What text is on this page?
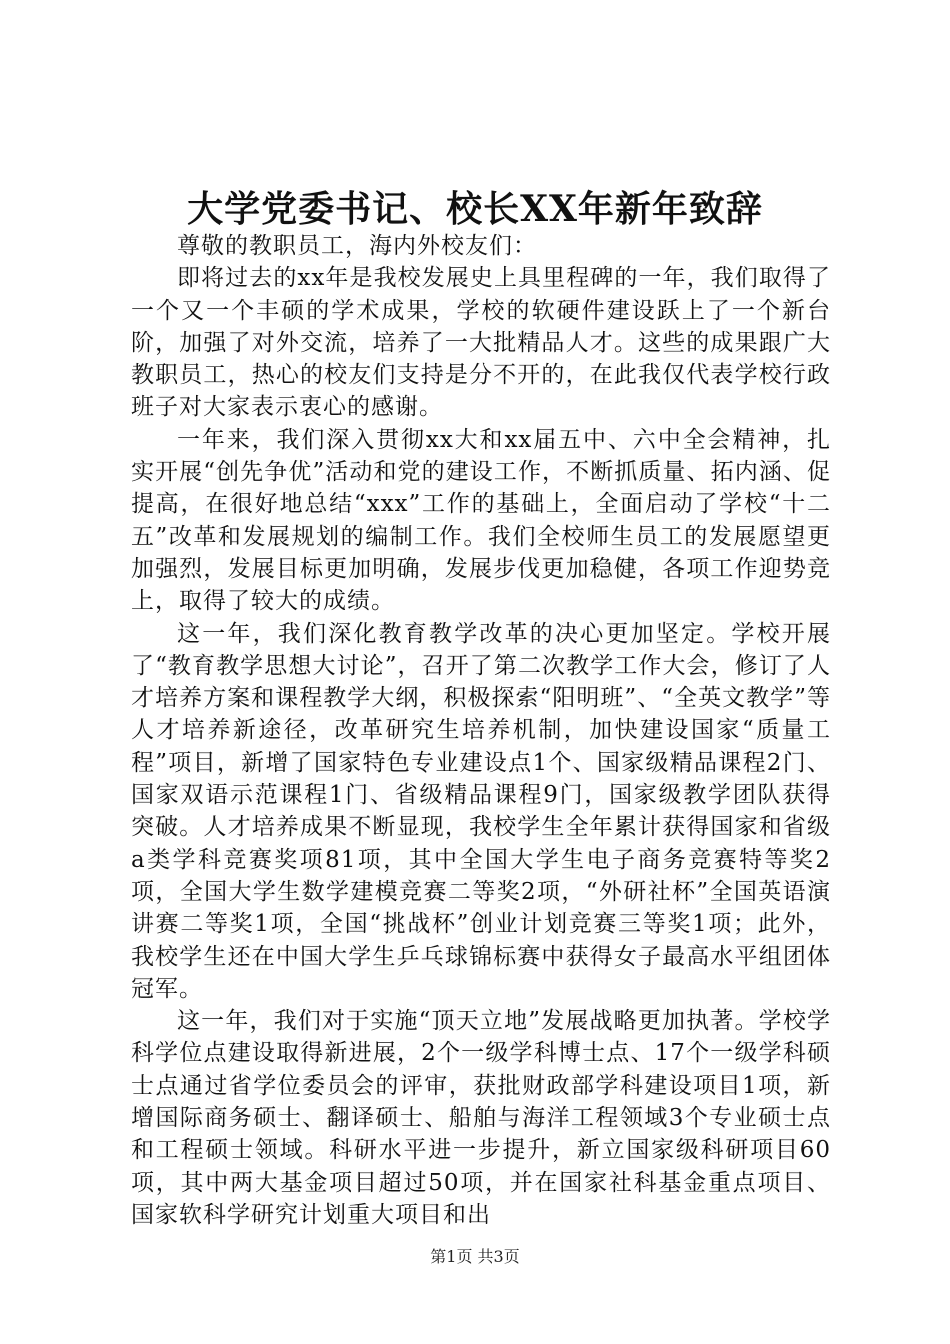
大学党委书记、校长XX年新年致辞

尊敬的教职员工，海内外校友们：

即将过去的xx年是我校发展史上具里程碑的一年，我们取得了一个又一个丰硕的学术成果，学校的软硬件建设跃上了一个新台阶，加强了对外交流，培养了一大批精品人才。这些的成果跟广大教职员工，热心的校友们支持是分不开的，在此我仅代表学校行政班子对大家表示衷心的感谢。

一年来，我们深入贯彻xx大和xx届五中、六中全会精神，扎实开展“创先争优”活动和党的建设工作，不断抓质量、拓内涵、促提高，在很好地总结“xxx”工作的基础上，全面启动了学校“十二五”改革和发展规划的编制工作。我们全校师生员工的发展愿望更加强烈，发展目标更加明确，发展步伐更加稳健，各项工作迎势竞上，取得了较大的成绩。

这一年，我们深化教育教学改革的决心更加坚定。学校开展了“教育教学思想大讨论”，召开了第二次教学工作大会，修订了人才培养方案和课程教学大纲，积极探索“阳明班”、“全英文教学”等人才培养新途径，改革研究生培养机制，加快建设国家“质量工程”项目，新增了国家特色专业建设点1个、国家级精品课程2门、国家双语示范课程1门、省级精品课程9门，国家级教学团队获得突破。人才培养成果不断显现，我校学生全年累计获得国家和省级a类学科竞赛奖项81项，其中全国大学生电子商务竞赛特等奖2项，全国大学生数学建模竞赛二等奖2项，“外研社杯”全国英语演讲赛二等奖1项，全国“挑战杯”创业计划竞赛三等奖1项；此外，我校学生还在中国大学生乒乓球锦标赛中获得女子最高水平组团体冠军。

这一年，我们对于实施“顶天立地”发展战略更加执著。学校学科学位点建设取得新进展，2个一级学科博士点、17个一级学科硕士点通过省学位委员会的评审，获批财政部学科建设项目1项，新增国际商务硕士、翻译硕士、船舶与海洋工程领域3个专业硕士点和工程硕士领域。科研水平进一步提升，新立国家级科研项目60项，其中两大基金项目超过50项，并在国家社科基金重点项目、国家软科学研究计划重大项目和出

第1页 共3页
